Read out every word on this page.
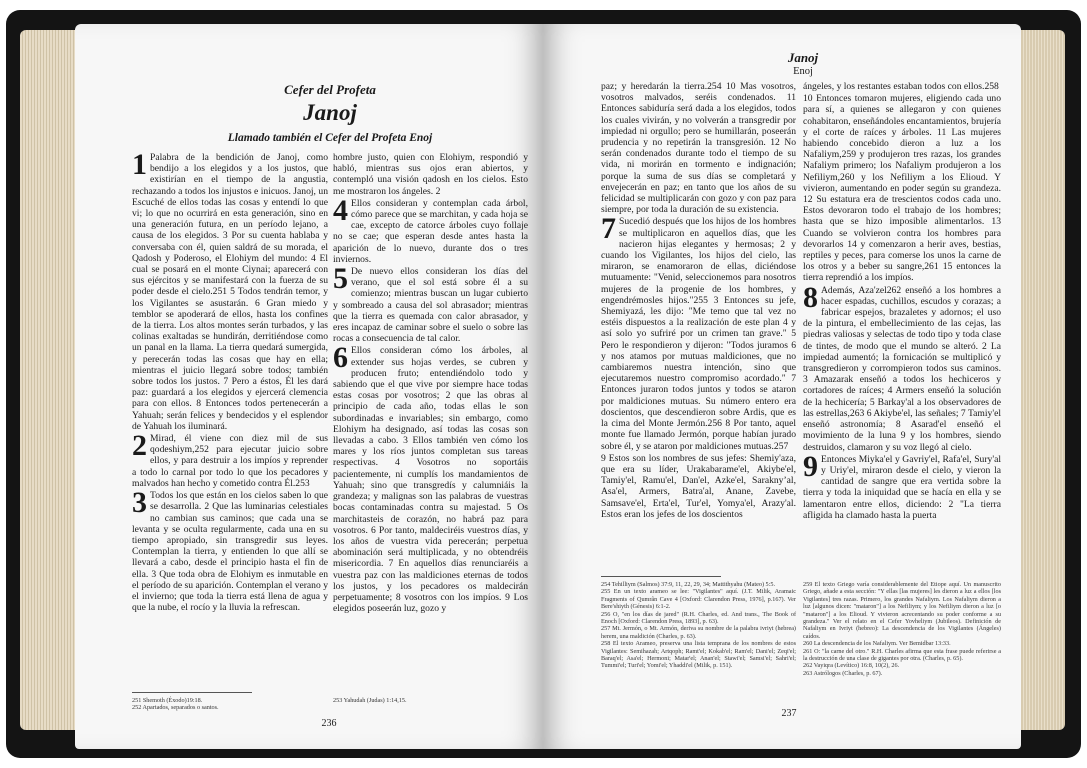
Cefer del Profeta
Janoj
Llamado también el Cefer del Profeta Enoj

1 Palabra de la bendición de Janoj, como bendijo a los elegidos y a los justos, que existirían en el tiempo de la angustia, rechazando a todos los injustos e inicuos. Janoj, un Escuché de ellos todas las cosas y entendí lo que vi; lo que no ocurrirá en esta generación, sino en una generación futura, en un período lejano, a causa de los elegidos. 3 Por su cuenta hablaba y conversaba con él, quien saldrá de su morada, el Qadosh y Poderoso, el Elohiym del mundo: 4 El cual se posará en el monte Ciynai; aparecerá con sus ejércitos y se manifestará con la fuerza de su poder desde el cielo.251 5 Todos tendrán temor, y los Vigilantes se asustarán. 6 Gran miedo y temblor se apoderará de ellos, hasta los confines de la tierra. Los altos montes serán turbados, y las colinas exaltadas se hundirán, derritiéndose como un panal en la llama. La tierra quedará sumergida, y perecerán todas las cosas que hay en ella; mientras el juicio llegará sobre todos; también sobre todos los justos. 7 Pero a éstos, Él les dará paz: guardará a los elegidos y ejercerá clemencia para con ellos. 8 Entonces todos pertenecerán a Yahuah; serán felices y bendecidos y el esplendor de Yahuah los iluminará.

2 Mirad, él viene con diez mil de sus qodeshiym,252 para ejecutar juicio sobre ellos, y para destruir a los impíos y reprender a todo lo carnal por todo lo que los pecadores y malvados han hecho y cometido contra Él.253

3 Todos los que están en los cielos saben lo que se desarrolla. 2 Que las luminarias celestiales no cambian sus caminos; que cada una se levanta y se oculta regularmente, cada una en su tiempo apropiado, sin transgredir sus leyes. Contemplan la tierra, y entienden lo que allí se llevará a cabo, desde el principio hasta el fin de ella. 3 Que toda obra de Elohiym es inmutable en el período de su aparición. Contemplan el verano y el invierno; que toda la tierra está llena de agua y que la nube, el rocío y la lluvia la refrescan.

hombre justo, quien con Elohiym, respondió y habló, mientras sus ojos eran abiertos, y contempló una visión qadosh en los cielos. Esto me mostraron los ángeles. 2

4 Ellos consideran y contemplan cada árbol, cómo parece que se marchitan, y cada hoja se cae, excepto de catorce árboles cuyo follaje no se cae; que esperan desde antes hasta la aparición de lo nuevo, durante dos o tres inviernos.

5 De nuevo ellos consideran los días del verano, que el sol está sobre él a su comienzo; mientras buscan un lugar cubierto y sombreado a causa del sol abrasador; mientras que la tierra es quemada con calor abrasador, y eres incapaz de caminar sobre el suelo o sobre las rocas a consecuencia de tal calor.

6 Ellos consideran cómo los árboles, al extender sus hojas verdes, se cubren y producen fruto; entendiéndolo todo y sabiendo que el que vive por siempre hace todas estas cosas por vosotros; 2 que las obras al principio de cada año, todas ellas le son subordinadas e invariables; sin embargo, como Elohiym ha designado, así todas las cosas son llevadas a cabo. 3 Ellos también ven cómo los mares y los ríos juntos completan sus tareas respectivas. 4 Vosotros no soportáis pacientemente, ni cumplís los mandamientos de Yahuah; sino que transgredís y calumniáis la grandeza; y malignas son las palabras de vuestras bocas contaminadas contra su majestad. 5 Os marchitasteis de corazón, no habrá paz para vosotros. 6 Por tanto, maldeciréis vuestros días, y los años de vuestra vida perecerán; perpetua abominación será multiplicada, y no obtendréis misericordia. 7 En aquellos días renunciaréis a vuestra paz con las maldiciones eternas de todos los justos, y los pecadores os maldecirán perpetuamente; 8 vosotros con los impíos. 9 Los elegidos poseerán luz, gozo y

251 Shemoth (Éxodo)19:18.

252 Apartados, separados o santos.

253 Yahudah (Judas) 1:14,15.

236
Janoj
Enoj

paz; y heredarán la tierra.254 10 Mas vosotros, vosotros malvados, seréis condenados. 11 Entonces sabiduría será dada a los elegidos, todos los cuales vivirán, y no volverán a transgredir por impiedad ni orgullo; pero se humillarán, poseerán prudencia y no repetirán la transgresión. 12 No serán condenados durante todo el tiempo de su vida, ni morirán en tormento e indignación; porque la suma de sus días se completará y envejecerán en paz; en tanto que los años de su felicidad se multiplicarán con gozo y con paz para siempre, por toda la duración de su existencia.

7 Sucedió después que los hijos de los hombres se multiplicaron en aquellos días, que les nacieron hijas elegantes y hermosas; 2 y cuando los Vigilantes, los hijos del cielo, las miraron, se enamoraron de ellas, diciéndose mutuamente: "Venid, seleccionemos para nosotros mujeres de la progenie de los hombres, y engendrémosles hijos."255 3 Entonces su jefe, Shemiyazá, les dijo: "Me temo que tal vez no estéis dispuestos a la realización de este plan 4 y así solo yo sufriré por un crimen tan grave." 5 Pero le respondieron y dijeron: "Todos juramos 6 y nos atamos por mutuas maldiciones, que no cambiaremos nuestra intención, sino que ejecutaremos nuestro compromiso acordado." 7 Entonces juraron todos juntos y todos se ataron por maldiciones mutuas. Su número entero era doscientos, que descendieron sobre Ardis, que es la cima del Monte Jermón.256 8 Por tanto, aquel monte fue llamado Jermón, porque habían jurado sobre él, y se ataron por maldiciones mutuas.257

9 Estos son los nombres de sus jefes: Shemiy'aza, que era su líder, Urakabarame'el, Akiybe'el, Tamiy'el, Ramu'el, Dan'el, Azke'el, Saraknyʼal, Asa'el, Armers, Batra'al, Anane, Zavebe, Samsave'el, Erta'el, Tur'el, Yomya'el, Arazy'al. Estos eran los jefes de los doscientos

ángeles, y los restantes estaban todos con ellos.258

10 Entonces tomaron mujeres, eligiendo cada uno para sí, a quienes se allegaron y con quienes cohabitaron, enseñándoles encantamientos, brujería y el corte de raíces y árboles. 11 Las mujeres habiendo concebido dieron a luz a los Nafaliym,259 y produjeron tres razas, los grandes Nafaliym primero; los Nafaliym produjeron a los Nefiliym,260 y los Nefiliym a los Elioud. Y vivieron, aumentando en poder según su grandeza. 12 Su estatura era de trescientos codos cada uno. Estos devoraron todo el trabajo de los hombres; hasta que se hizo imposible alimentarlos. 13 Cuando se volvieron contra los hombres para devorarlos 14 y comenzaron a herir aves, bestias, reptiles y peces, para comerse los unos la carne de los otros y a beber su sangre,261 15 entonces la tierra reprendió a los impíos.

8 Además, Aza'zel262 enseñó a los hombres a hacer espadas, cuchillos, escudos y corazas; a fabricar espejos, brazaletes y adornos; el uso de la pintura, el embellecimiento de las cejas, las piedras valiosas y selectas de todo tipo y toda clase de tintes, de modo que el mundo se alteró. 2 La impiedad aumentó; la fornicación se multiplicó y transgredieron y corrompieron todos sus caminos. 3 Amazarak enseñó a todos los hechiceros y cortadores de raíces; 4 Armers enseñó la solución de la hechicería; 5 Barkay'al a los observadores de las estrellas,263 6 Akiybe'el, las señales; 7 Tamiy'el enseñó astronomía; 8 Asarad'el enseñó el movimiento de la luna 9 y los hombres, siendo destruidos, clamaron y su voz llegó al cielo.

9 Entonces Miyka'el y Gavriy'el, Rafa'el, Sury'al y Uriy'el, miraron desde el cielo, y vieron la cantidad de sangre que era vertida sobre la tierra y toda la iniquidad que se hacía en ella y se lamentaron entre ellos, diciendo: 2 "La tierra afligida ha clamado hasta la puerta

254 Tehilliym (Salmos) 37:9, 11, 22, 29, 34; Mattithyahu (Mateo) 5:5.

255 En un texto arameo se lee: "Vigilantes" aquí. (J.T. Milik, Aramaic Fragments of Qumrân Cave 4 [Oxford: Clarendon Press, 1976], p.167). Ver Bere'shiyth (Génesis) 6:1-2.

256 O, "en los días de jared" (R.H. Charles, ed. And trans., The Book of Enoch [Oxford: Clarendon Press, 1893], p. 63).

257 Mt. Jermón, o Mt. Armón, deriva su nombre de la palabra ivriyt (hebrea) herem, una maldición (Charles, p. 63).

258 El texto Arameo, preserva una lista temprana de los nombres de estos Vigilantes: Semihazah; Artqoph; Ramt'el; Kokab'el; Ram'el; Dani'el; Zeqi'el; Baraq'el; Asa'el; Hermoni; Matar'el; Anan'el; Stawi'el; Samsi'el; Sahri'el; Tummi'el; Turi'el; Yomi'el; Yhaddi'el (Milik, p. 151).

259 El texto Griego varía considerablemente del Etiope aquí. Un manuscrito Griego, añade a esta sección: "Y ellas [las mujeres] les dieron a luz a ellos [los Vigilantes] tres razas. Primero, los grandes Nafaliym. Los Nafaliym dieron a luz [algunos dicen: "mataron"] a los Nefiliym; y los Nefiliym dieron a luz [o "mataron"] a los Elioud. Y vivieron acrecentando su poder conforme a su grandeza." Ver el relato en el Cefer Yovheliym (Jubileos). Definición de Nafaliym en Ivriyt (hebreo): La descendencia de los Vigilantes (Ángeles) caídos.

260 La descendencia de los Nafaliym. Ver Bemidbar 13:33.

261 O: "la carne del otro." R.H. Charles afirma que esta frase puede referirse a la destrucción de una clase de gigantes por otra. (Charles, p. 65).

262 Vayiqra (Levítico) 16:8, 10(2), 26.

263 Astrólogos (Charles, p. 67).

237
